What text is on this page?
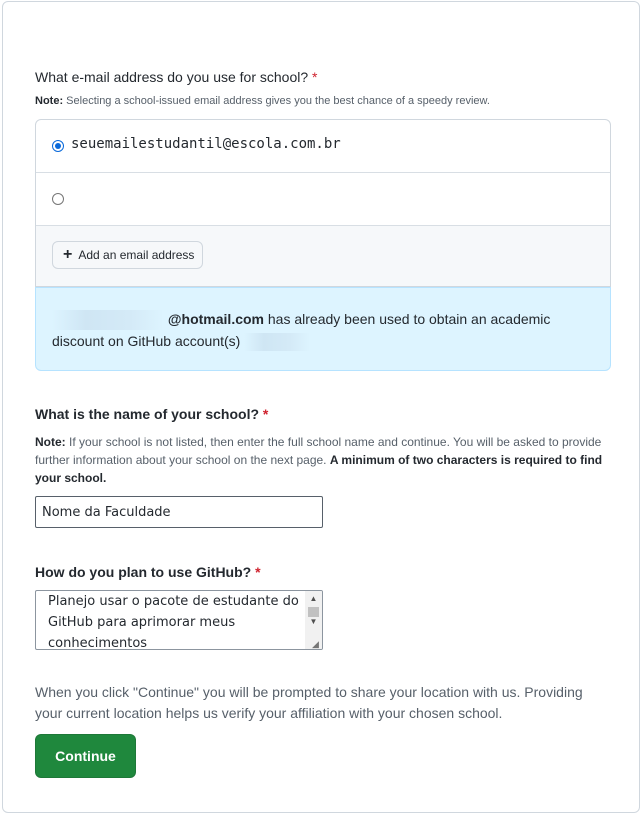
What e-mail address do you use for school? *
Note: Selecting a school-issued email address gives you the best chance of a speedy review.
seuemailestudantil@escola.com.br
+ Add an email address
@hotmail.com has already been used to obtain an academic
discount on GitHub account(s)
What is the name of your school? *
Note: If your school is not listed, then enter the full school name and continue. You will be asked to provide further information about your school on the next page. A minimum of two characters is required to find your school.
Nome da Faculdade
How do you plan to use GitHub? *
Planejo usar o pacote de estudante do
GitHub para aprimorar meus
conhecimentos
▲
▼
◢
When you click "Continue" you will be prompted to share your location with us. Providing your current location helps us verify your affiliation with your chosen school.
Continue
